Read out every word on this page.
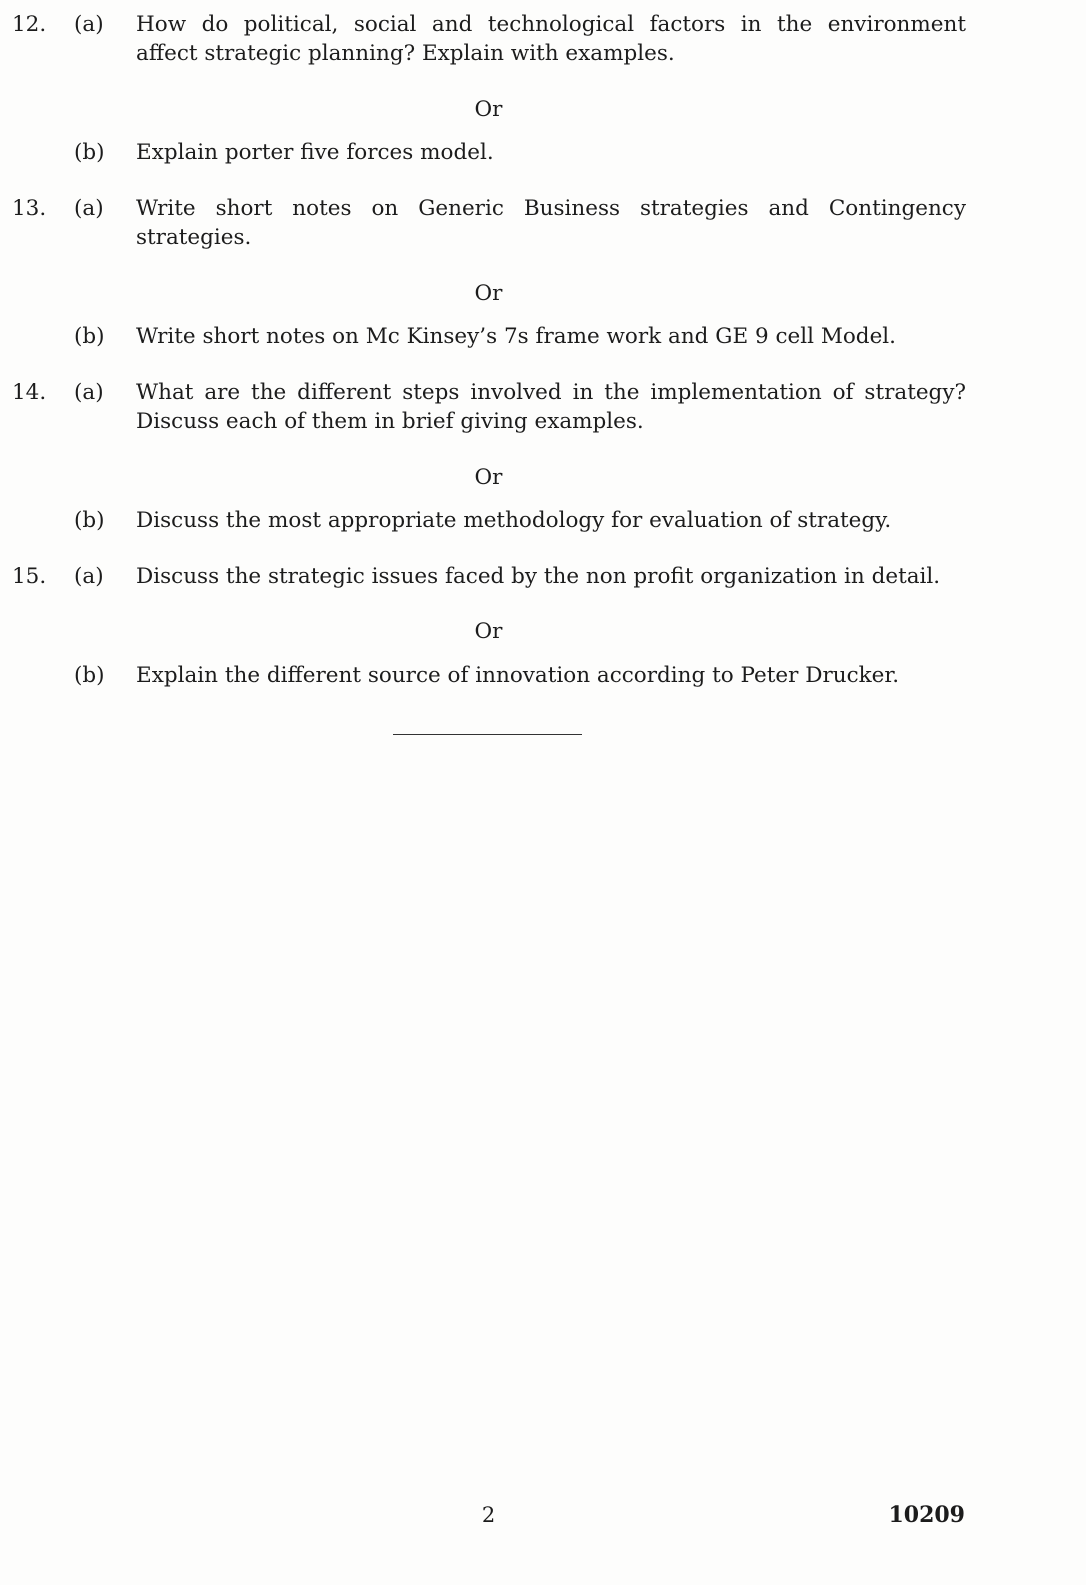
12. (a) How do political, social and technological factors in the environment
affect strategic planning? Explain with examples.
Or
(b) Explain porter five forces model.
13. (a) Write short notes on Generic Business strategies and Contingency
strategies.
Or
(b) Write short notes on Mc Kinsey’s 7s frame work and GE 9 cell Model.
14. (a) What are the different steps involved in the implementation of strategy?
Discuss each of them in brief giving examples.
Or
(b) Discuss the most appropriate methodology for evaluation of strategy.
15. (a) Discuss the strategic issues faced by the non profit organization in detail.
Or
(b) Explain the different source of innovation according to Peter Drucker.
2	10209
